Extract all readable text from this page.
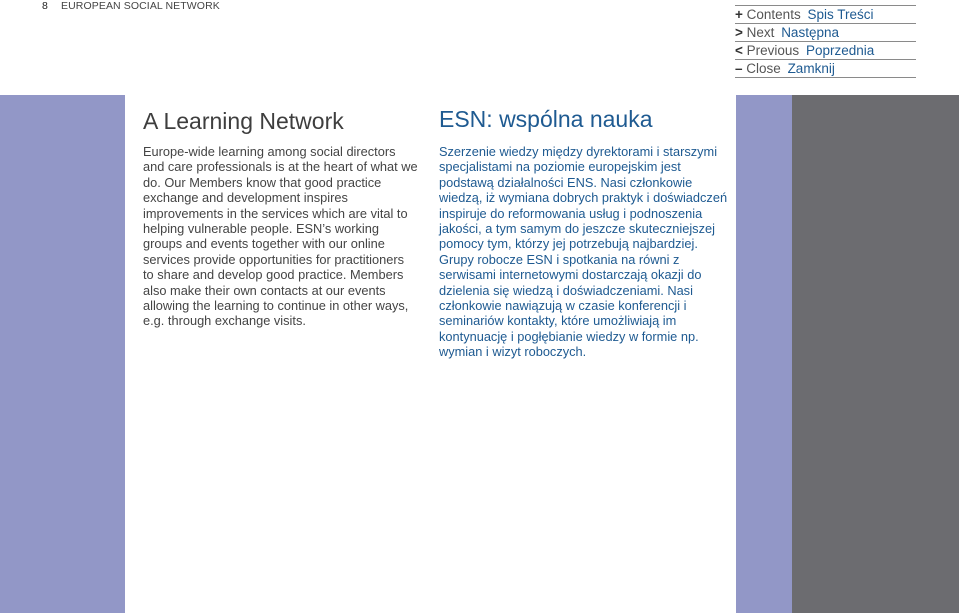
8 EUROPEAN SOCIAL NETWORK
+ Contents Spis Treści
> Next Następna
< Previous Poprzednia
– Close Zamknij
A Learning Network	ESN: wspólna nauka

Europe-wide learning among social directors and care professionals is at the heart of what we do. Our Members know that good practice exchange and development inspires improvements in the services which are vital to helping vulnerable people. ESN’s working groups and events together with our online services provide opportunities for practitioners to share and develop good practice. Members also make their own contacts at our events allowing the learning to continue in other ways, e.g. through exchange visits.

Szerzenie wiedzy między dyrektorami i starszymi specjalistami na poziomie europejskim jest podstawą działalności ENS. Nasi członkowie wiedzą, iż wymiana dobrych praktyk i doświadczeń inspiruje do reformowania usług i podnoszenia jakości, a tym samym do jeszcze skuteczniejszej pomocy tym, którzy jej potrzebują najbardziej. Grupy robocze ESN i spotkania na równi z serwisami internetowymi dostarczają okazji do dzielenia się wiedzą i doświadczeniami. Nasi członkowie nawiązują w czasie konferencji i seminariów kontakty, które umożliwiają im kontynuację i pogłębianie wiedzy w formie np. wymian i wizyt roboczych.
